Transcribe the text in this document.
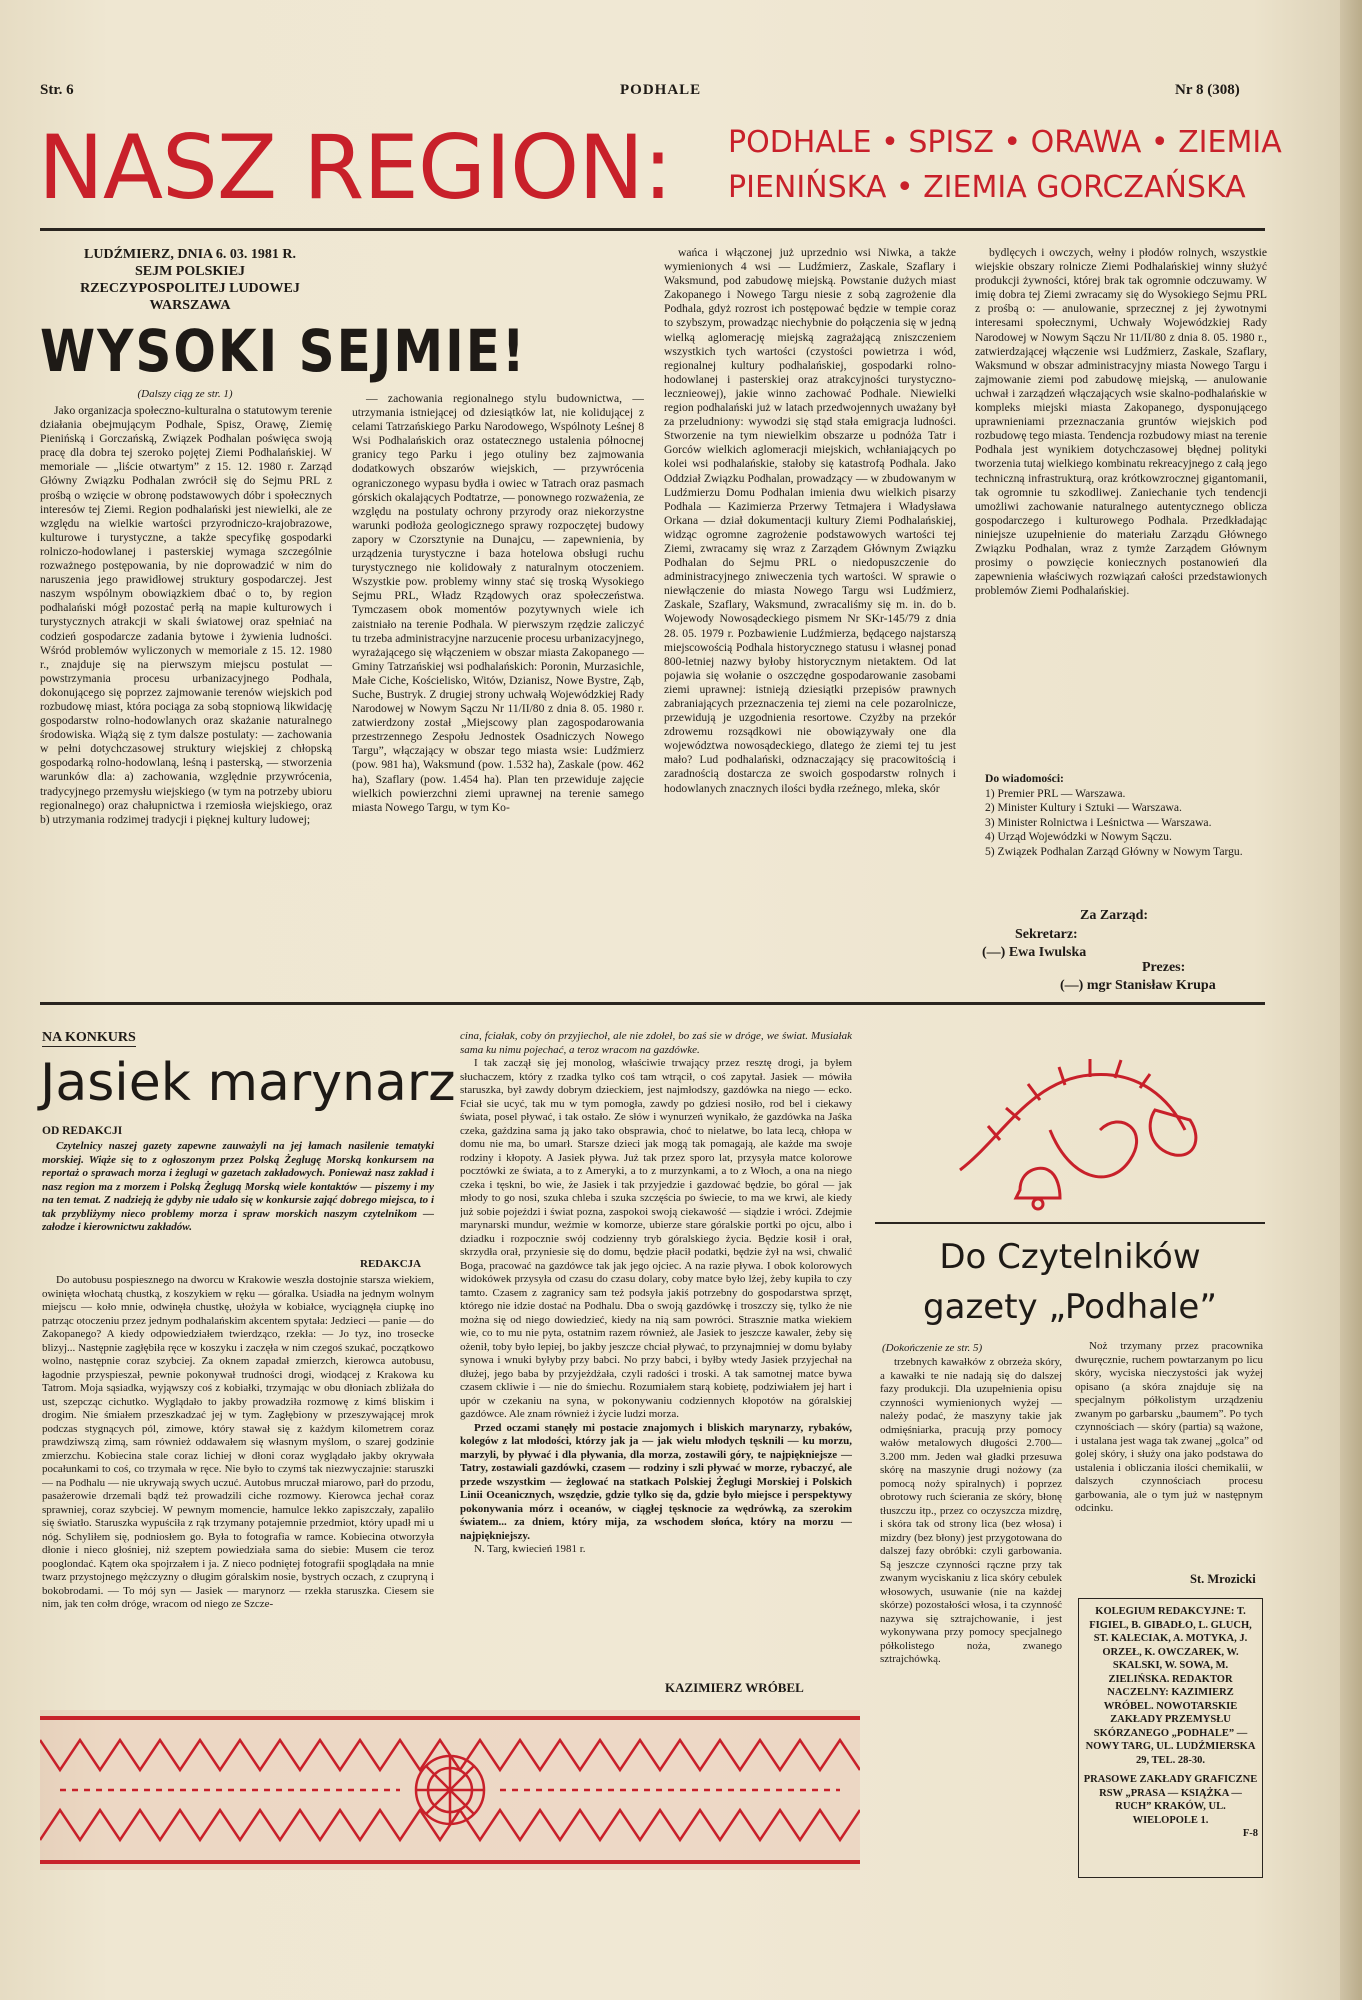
Str. 6	PODHALE	Nr 8 (308)
NASZ REGION: PODHALE • SPISZ • ORAWA • ZIEMIA
PIENIŃSKA • ZIEMIA GORCZAŃSKA
LUDŹMIERZ, DNIA 6. 03. 1981 R.
SEJM POLSKIEJ
RZECZYPOSPOLITEJ LUDOWEJ
WARSZAWA
WYSOKI SEJMIE!
(Dalszy ciąg ze str. 1)

Jako organizacja społeczno-kulturalna o statutowym terenie działania obejmującym Podhale, Spisz, Orawę, Ziemię Pienińską i Gorczańską, Związek Podhalan poświęca swoją pracę dla dobra tej szeroko pojętej Ziemi Podhalańskiej. W memoriale — „liście otwartym” z 15. 12. 1980 r. Zarząd Główny Związku Podhalan zwrócił się do Sejmu PRL z prośbą o wzięcie w obronę podstawowych dóbr i społecznych interesów tej Ziemi. Region podhalański jest niewielki, ale ze względu na wielkie wartości przyrodniczo-krajobrazowe, kulturowe i turystyczne, a także specyfikę gospodarki rolniczo-hodowlanej i pasterskiej wymaga szczególnie rozważnego postępowania, by nie doprowadzić w nim do naruszenia jego prawidłowej struktury gospodarczej. Jest naszym wspólnym obowiązkiem dbać o to, by region podhalański mógł pozostać perłą na mapie kulturowych i turystycznych atrakcji w skali światowej oraz spełniać na codzień gospodarcze zadania bytowe i żywienia ludności. Wśród problemów wyliczonych w memoriale z 15. 12. 1980 r., znajduje się na pierwszym miejscu postulat — powstrzymania procesu urbanizacyjnego Podhala, dokonującego się poprzez zajmowanie terenów wiejskich pod rozbudowę miast, która pociąga za sobą stopniową likwidację gospodarstw rolno-hodowlanych oraz skażanie naturalnego środowiska. Wiążą się z tym dalsze postulaty: — zachowania w pełni dotychczasowej struktury wiejskiej z chłopską gospodarką rolno-hodowlaną, leśną i pasterską, — stworzenia warunków dla: a) zachowania, względnie przywrócenia, tradycyjnego przemysłu wiejskiego (w tym na potrzeby ubioru regionalnego) oraz chałupnictwa i rzemiosła wiejskiego, oraz b) utrzymania rodzimej tradycji i pięknej kultury ludowej;

— zachowania regionalnego stylu budownictwa, — utrzymania istniejącej od dziesiątków lat, nie kolidującej z celami Tatrzańskiego Parku Narodowego, Wspólnoty Leśnej 8 Wsi Podhalańskich oraz ostatecznego ustalenia północnej granicy tego Parku i jego otuliny bez zajmowania dodatkowych obszarów wiejskich, — przywrócenia ograniczonego wypasu bydła i owiec w Tatrach oraz pasmach górskich okalających Podtatrze, — ponownego rozważenia, ze względu na postulaty ochrony przyrody oraz niekorzystne warunki podłoża geologicznego sprawy rozpoczętej budowy zapory w Czorsztynie na Dunajcu, — zapewnienia, by urządzenia turystyczne i baza hotelowa obsługi ruchu turystycznego nie kolidowały z naturalnym otoczeniem. Wszystkie pow. problemy winny stać się troską Wysokiego Sejmu PRL, Władz Rządowych oraz społeczeństwa. Tymczasem obok momentów pozytywnych wiele ich zaistniało na terenie Podhala. W pierwszym rzędzie zaliczyć tu trzeba administracyjne narzucenie procesu urbanizacyjnego, wyrażającego się włączeniem w obszar miasta Zakopanego — Gminy Tatrzańskiej wsi podhalańskich: Poronin, Murzasichle, Małe Ciche, Kościelisko, Witów, Dzianisz, Nowe Bystre, Ząb, Suche, Bustryk. Z drugiej strony uchwałą Wojewódzkiej Rady Narodowej w Nowym Sączu Nr 11/II/80 z dnia 8. 05. 1980 r. zatwierdzony został „Miejscowy plan zagospodarowania przestrzennego Zespołu Jednostek Osadniczych Nowego Targu”, włączający w obszar tego miasta wsie: Ludźmierz (pow. 981 ha), Waksmund (pow. 1.532 ha), Zaskale (pow. 462 ha), Szaflary (pow. 1.454 ha). Plan ten przewiduje zajęcie wielkich powierzchni ziemi uprawnej na terenie samego miasta Nowego Targu, w tym Ko-

wańca i włączonej już uprzednio wsi Niwka, a także wymienionych 4 wsi — Ludźmierz, Zaskale, Szaflary i Waksmund, pod zabudowę miejską. Powstanie dużych miast Zakopanego i Nowego Targu niesie z sobą zagrożenie dla Podhala, gdyż rozrost ich postępować będzie w tempie coraz to szybszym, prowadząc niechybnie do połączenia się w jedną wielką aglomerację miejską zagrażającą zniszczeniem wszystkich tych wartości (czystości powietrza i wód, regionalnej kultury podhalańskiej, gospodarki rolno-hodowlanej i pasterskiej oraz atrakcyjności turystyczno-lecznieowej), jakie winno zachować Podhale. Niewielki region podhalański już w latach przedwojennych uważany był za przeludniony: wywodzi się stąd stała emigracja ludności. Stworzenie na tym niewielkim obszarze u podnóża Tatr i Gorców wielkich aglomeracji miejskich, wchłaniających po kolei wsi podhalańskie, stałoby się katastrofą Podhala. Jako Oddział Związku Podhalan, prowadzący — w zbudowanym w Ludźmierzu Domu Podhalan imienia dwu wielkich pisarzy Podhala — Kazimierza Przerwy Tetmajera i Władysława Orkana — dział dokumentacji kultury Ziemi Podhalańskiej, widząc ogromne zagrożenie podstawowych wartości tej Ziemi, zwracamy się wraz z Zarządem Głównym Związku Podhalan do Sejmu PRL o niedopuszczenie do administracyjnego zniweczenia tych wartości. W sprawie o niewłączenie do miasta Nowego Targu wsi Ludźmierz, Zaskale, Szaflary, Waksmund, zwracaliśmy się m. in. do b. Wojewody Nowosądeckiego pismem Nr SKr-145/79 z dnia 28. 05. 1979 r. Pozbawienie Ludźmierza, będącego najstarszą miejscowością Podhala historycznego statusu i własnej ponad 800-letniej nazwy byłoby historycznym nietaktem. Od lat pojawia się wołanie o oszczędne gospodarowanie zasobami ziemi uprawnej: istnieją dziesiątki przepisów prawnych zabraniających przeznaczenia tej ziemi na cele pozarolnicze, przewidują je uzgodnienia resortowe. Czyżby na przekór zdrowemu rozsądkowi nie obowiązywały one dla województwa nowosądeckiego, dlatego że ziemi tej tu jest mało? Lud podhalański, odznaczający się pracowitością i zaradnością dostarcza ze swoich gospodarstw rolnych i hodowlanych znacznych ilości bydła rzeźnego, mleka, skór

bydlęcych i owczych, wełny i płodów rolnych, wszystkie wiejskie obszary rolnicze Ziemi Podhalańskiej winny służyć produkcji żywności, której brak tak ogromnie odczuwamy. W imię dobra tej Ziemi zwracamy się do Wysokiego Sejmu PRL z prośbą o: — anulowanie, sprzecznej z jej żywotnymi interesami społecznymi, Uchwały Wojewódzkiej Rady Narodowej w Nowym Sączu Nr 11/II/80 z dnia 8. 05. 1980 r., zatwierdzającej włączenie wsi Ludźmierz, Zaskale, Szaflary, Waksmund w obszar administracyjny miasta Nowego Targu i zajmowanie ziemi pod zabudowę miejską, — anulowanie uchwał i zarządzeń włączających wsie skalno-podhalańskie w kompleks miejski miasta Zakopanego, dysponującego uprawnieniami przeznaczania gruntów wiejskich pod rozbudowę tego miasta. Tendencja rozbudowy miast na terenie Podhala jest wynikiem dotychczasowej błędnej polityki tworzenia tutaj wielkiego kombinatu rekreacyjnego z całą jego techniczną infrastrukturą, oraz krótkowzrocznej gigantomanii, tak ogromnie tu szkodliwej. Zaniechanie tych tendencji umożliwi zachowanie naturalnego autentycznego oblicza gospodarczego i kulturowego Podhala. Przedkładając niniejsze uzupełnienie do materiału Zarządu Głównego Związku Podhalan, wraz z tymże Zarządem Głównym prosimy o powzięcie koniecznych postanowień dla zapewnienia właściwych rozwiązań całości przedstawionych problemów Ziemi Podhalańskiej.

Do wiadomości:
1) Premier PRL — Warszawa.
2) Minister Kultury i Sztuki — Warszawa.
3) Minister Rolnictwa i Leśnictwa — Warszawa.
4) Urząd Wojewódzki w Nowym Sączu.
5) Związek Podhalan Zarząd Główny w Nowym Targu.
Za Zarząd:
Sekretarz:
(—) Ewa Iwulska
Prezes:
(—) mgr Stanisław Krupa
NA KONKURS
Jasiek marynarz
OD REDAKCJI

Czytelnicy naszej gazety zapewne zauważyli na jej łamach nasilenie tematyki morskiej. Wiąże się to z ogłoszonym przez Polską Żeglugę Morską konkursem na reportaż o sprawach morza i żeglugi w gazetach zakładowych. Ponieważ nasz zakład i nasz region ma z morzem i Polską Żeglugą Morską wiele kontaktów — piszemy i my na ten temat. Z nadzieją że gdyby nie udało się w konkursie zająć dobrego miejsca, to i tak przybliżymy nieco problemy morza i spraw morskich naszym czytelnikom — załodze i kierownictwu zakładów.

REDAKCJA

Do autobusu pospiesznego na dworcu w Krakowie weszła dostojnie starsza wiekiem, owinięta włochatą chustką, z koszykiem w ręku — góralka. Usiadła na jednym wolnym miejscu — koło mnie, odwinęła chustkę, ułożyła w kobiałce, wyciągnęła ciupkę ino patrząc otoczeniu przez jednym podhalańskim akcentem spytała: Jedzieci — panie — do Zakopanego? A kiedy odpowiedziałem twierdząco, rzekła: — Jo tyz, ino trosecke blizyj... Następnie zagłębiła ręce w koszyku i zaczęła w nim czegoś szukać, początkowo wolno, następnie coraz szybciej. Za oknem zapadał zmierzch, kierowca autobusu, łagodnie przyspieszał, pewnie pokonywał trudności drogi, wiodącej z Krakowa ku Tatrom. Moja sąsiadka, wyjąwszy coś z kobiałki, trzymając w obu dłoniach zbliżała do ust, szepcząc cichutko. Wyglądało to jakby prowadziła rozmowę z kimś bliskim i drogim. Nie śmiałem przeszkadzać jej w tym. Zagłębiony w przeszywającej mrok podczas stygnących pól, zimowe, który stawał się z każdym kilometrem coraz prawdziwszą zimą, sam również oddawałem się własnym myślom, o szarej godzinie zmierzchu. Kobiecina stale coraz lichiej w dłoni coraz wyglądało jakby okrywała pocałunkami to coś, co trzymała w ręce. Nie było to czymś tak niezwyczajnie: staruszki — na Podhalu — nie ukrywają swych uczuć. Autobus mruczał miarowo, parł do przodu, pasażerowie drzemali bądź też prowadzili ciche rozmowy. Kierowca jechał coraz sprawniej, coraz szybciej. W pewnym momencie, hamulce lekko zapiszczały, zapaliło się światło. Staruszka wypuściła z rąk trzymany potajemnie przedmiot, który upadł mi u nóg. Schyliłem się, podniosłem go. Była to fotografia w ramce. Kobiecina otworzyła dłonie i nieco głośniej, niż szeptem powiedziała sama do siebie: Musem cie teroz pooglondać. Kątem oka spojrzałem i ja. Z nieco podniętej fotografii spoglądała na mnie twarz przystojnego mężczyzny o długim góralskim nosie, bystrych oczach, z czupryną i bokobrodami. — To mój syn — Jasiek — marynorz — rzekła staruszka. Ciesem sie nim, jak ten cołm dróge, wracom od niego ze Szcze-

cina, fciałak, coby ón przyjiechoł, ale nie zdołeł, bo zaś sie w dróge, we świat. Musiałak sama ku nimu pojechać, a teroz wracom na gazdówke.

I tak zaczął się jej monolog, właściwie trwający przez resztę drogi, ja byłem słuchaczem, który z rzadka tylko coś tam wtrącił, o coś zapytał. Jasiek — mówiła staruszka, był zawdy dobrym dzieckiem, jest najmłodszy, gazdówka na niego — ecko. Fciał sie ucyć, tak mu w tym pomogła, zawdy po gdziesi nosiło, rod bel i ciekawy świata, posel pływać, i tak ostało. Ze słów i wynurzeń wynikało, że gazdówka na Jaśka czeka, gaździna sama ją jako tako obsprawia, choć to nielatwe, bo lata lecą, chłopa w domu nie ma, bo umarł. Starsze dzieci jak mogą tak pomagają, ale każde ma swoje rodziny i kłopoty. A Jasiek pływa. Już tak przez sporo lat, przysyła matce kolorowe pocztówki ze świata, a to z Ameryki, a to z murzynkami, a to z Włoch, a ona na niego czeka i tęskni, bo wie, że Jasiek i tak przyjedzie i gazdować będzie, bo góral — jak młody to go nosi, szuka chleba i szuka szczęścia po świecie, to ma we krwi, ale kiedy już sobie pojeździ i świat pozna, zaspokoi swoją ciekawość — siądzie i wróci. Zdejmie marynarski mundur, weźmie w komorze, ubierze stare góralskie portki po ojcu, albo i dziadku i rozpocznie swój codzienny tryb góralskiego życia. Będzie kosił i orał, skrzydła orał, przyniesie się do domu, będzie płacił podatki, będzie żył na wsi, chwalić Boga, pracować na gazdówce tak jak jego ojciec. A na razie pływa. I obok kolorowych widokówek przysyła od czasu do czasu dolary, coby matce było lżej, żeby kupiła to czy tamto. Czasem z zagranicy sam też podsyła jakiś potrzebny do gospodarstwa sprzęt, którego nie idzie dostać na Podhalu. Dba o swoją gazdówkę i troszczy się, tylko że nie można się od niego dowiedzieć, kiedy na nią sam powróci. Strasznie matka wiekiem wie, co to mu nie pyta, ostatnim razem również, ale Jasiek to jeszcze kawaler, żeby się ożenił, toby było lepiej, bo jakby jeszcze chciał pływać, to przynajmniej w domu byłaby synowa i wnuki byłyby przy babci. No przy babci, i byłby wtedy Jasiek przyjechał na dłużej, jego baba by przyjeżdżała, czyli radości i troski. A tak samotnej matce bywa czasem ckliwie i — nie do śmiechu. Rozumiałem starą kobietę, podziwiałem jej hart i upór w czekaniu na syna, w pokonywaniu codziennych kłopotów na góralskiej gazdówce. Ale znam również i życie ludzi morza.

Przed oczami stanęły mi postacie znajomych i bliskich marynarzy, rybaków, kolegów z lat młodości, którzy jak ja — jak wielu młodych tęsknili — ku morzu, marzyli, by pływać i dla pływania, dla morza, zostawili góry, te najpiękniejsze — Tatry, zostawiali gazdówki, czasem — rodziny i szli pływać w morze, rybaczyć, ale przede wszystkim — żeglować na statkach Polskiej Żeglugi Morskiej i Polskich Linii Oceanicznych, wszędzie, gdzie tylko się da, gdzie było miejsce i perspektywy pokonywania mórz i oceanów, w ciągłej tęsknocie za wędrówką, za szerokim światem... za dniem, który mija, za wschodem słońca, który na morzu — najpiękniejszy.

N. Targ, kwiecień 1981 r.

KAZIMIERZ WRÓBEL
Do Czytelników
gazety „Podhale”
(Dokończenie ze str. 5)

trzebnych kawałków z obrzeża skóry, a kawałki te nie nadają się do dalszej fazy produkcji. Dla uzupełnienia opisu czynności wymienionych wyżej — należy podać, że maszyny takie jak odmięśniarka, pracują przy pomocy wałów metalowych długości 2.700—3.200 mm. Jeden wał gładki przesuwa skórę na maszynie drugi nożowy (za pomocą noży spiralnych) i poprzez obrotowy ruch ścierania ze skóry, błonę tłuszczu itp., przez co oczyszcza mizdrę, i skóra tak od strony lica (bez włosa) i mizdry (bez błony) jest przygotowana do dalszej fazy obróbki: czyli garbowania. Są jeszcze czynności rączne przy tak zwanym wyciskaniu z lica skóry cebulek włosowych, usuwanie (nie na każdej skórze) pozostałości włosa, i ta czynność nazywa się sztrajchowanie, i jest wykonywana przy pomocy specjalnego półkolistego noża, zwanego sztrajchówką.

Noż trzymany przez pracownika dwuręcznie, ruchem powtarzanym po licu skóry, wyciska nieczystości jak wyżej opisano (a skóra znajduje się na specjalnym półkolistym urządzeniu zwanym po garbarsku „baumem”. Po tych czynnościach — skóry (partia) są ważone, i ustalana jest waga tak zwanej „golca” od golej skóry, i służy ona jako podstawa do ustalenia i obliczania ilości chemikalii, w dalszych czynnościach procesu garbowania, ale o tym już w następnym odcinku.

St. Mrozicki
KOLEGIUM REDAKCYJNE: T. FIGIEL, B. GIBADŁO, L. GLUCH, ST. KALECIAK, A. MOTYKA, J. ORZEŁ, K. OWCZAREK, W. SKALSKI, W. SOWA, M. ZIELIŃSKA. REDAKTOR NACZELNY: KAZIMIERZ WRÓBEL. NOWOTARSKIE ZAKŁADY PRZEMYSŁU SKÓRZANEGO „PODHALE” — NOWY TARG, UL. LUDŹMIERSKA 29, TEL. 28-30.
PRASOWE ZAKŁADY GRAFICZNE RSW „PRASA — KSIĄŻKA — RUCH” KRAKÓW, UL. WIELOPOLE 1.
F-8
